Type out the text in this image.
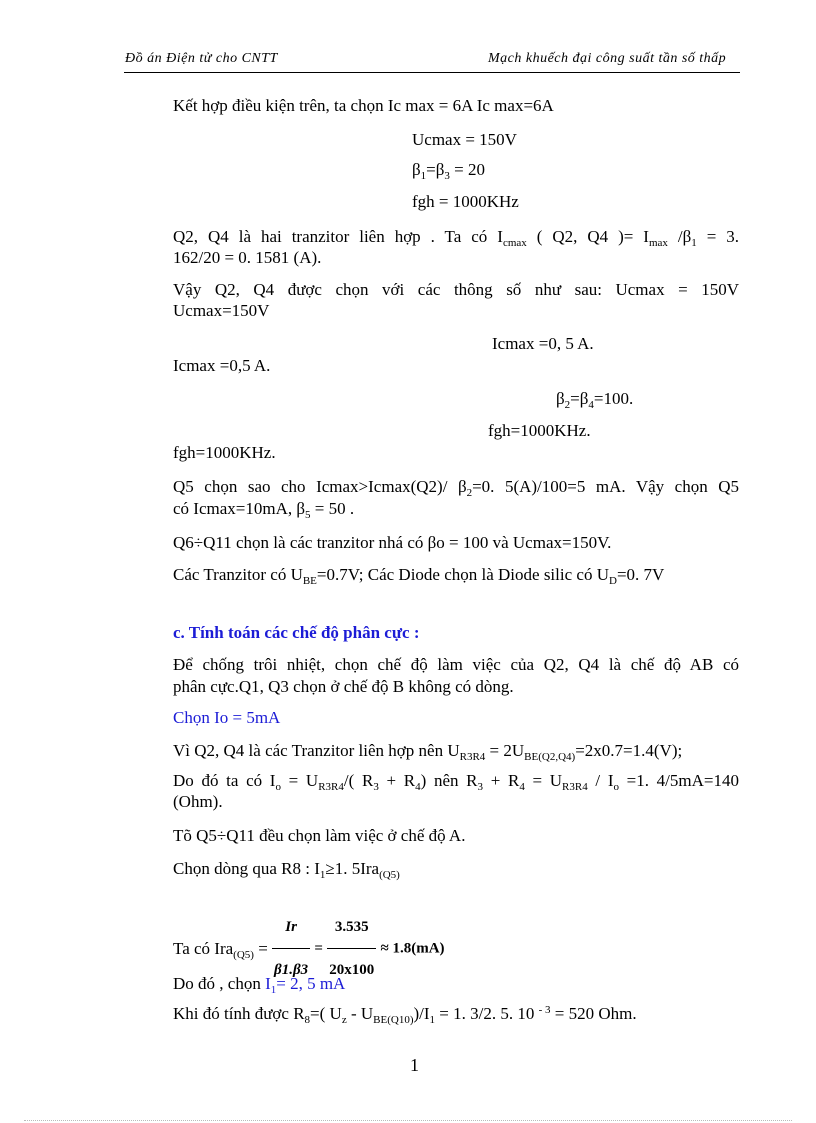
Đồ án Điện tử cho CNTT	Mạch khuếch đại công suất tần số thấp
Kết hợp điều kiện trên, ta chọn Ic max = 6A Ic max=6A
Ucmax = 150V
$\beta_1=\beta_3 = 20$
fgh = 1000KHz
Q2, Q4 là hai tranzitor liên hợp . Ta có $I_{cmax}$ ( Q2, Q4 )= $I_{max}$ $/\beta_1 = 3$.
162/20 = 0. 1581 (A).
Vậy Q2, Q4 được chọn với các thông số như sau: Ucmax = 150V
Ucmax=150V
Icmax =0, 5 A.
Icmax =0,5 A.
$\beta_2=\beta_4=100$.
fgh=1000KHz.
fgh=1000KHz.
Q5 chọn sao cho Icmax>Icmax(Q2)/ $\beta_2=0$. 5(A)/100=5 mA. Vậy chọn Q5
có Icmax=10mA, $\beta_5 = 50$ .
Q6÷Q11 chọn là các tranzitor nhá có βo = 100 và Ucmax=150V.
Các Tranzitor có $U_{BE}=0.7V$; Các Diode chọn là Diode silic có $U_D=0$. 7V
c. Tính toán các chế độ phân cực :
Để chống trôi nhiệt, chọn chế độ làm việc của Q2, Q4 là chế độ AB có
phân cực.Q1, Q3 chọn ở chế độ B không có dòng.
Chọn Io = 5mA
Vì Q2, Q4 là các Tranzitor liên hợp nên $U_{R3R4} = 2U_{BE(Q2,Q4)}=2x0.7=1.4(V)$;
Do đó ta có $I_o = U_{R3R4}/$( $R_3 + R_4$) nên $R_3 + R_4 = U_{R3R4} / I_o =1$. 4/5mA=140
(Ohm).
Tõ Q5÷Q11 đều chọn làm việc ở chế độ A.
Chọn dòng qua R8 : $I_1\ge 1$. 5Ira$_{(Q5)}$
Ta có $Ira_{(Q5)} = \frac{Ir}{\beta 1.\beta 3} = \frac{3.535}{20x100} \approx 1.8(mA)$
Do đó , chọn $I_1= 2$, 5 mA
Khi đó tính được $R_8=$( $U_z - U_{BE(Q10)})/I_1 = 1$. 3/2. 5. 10 $^{- 3}$ = 520 Ohm.
1
